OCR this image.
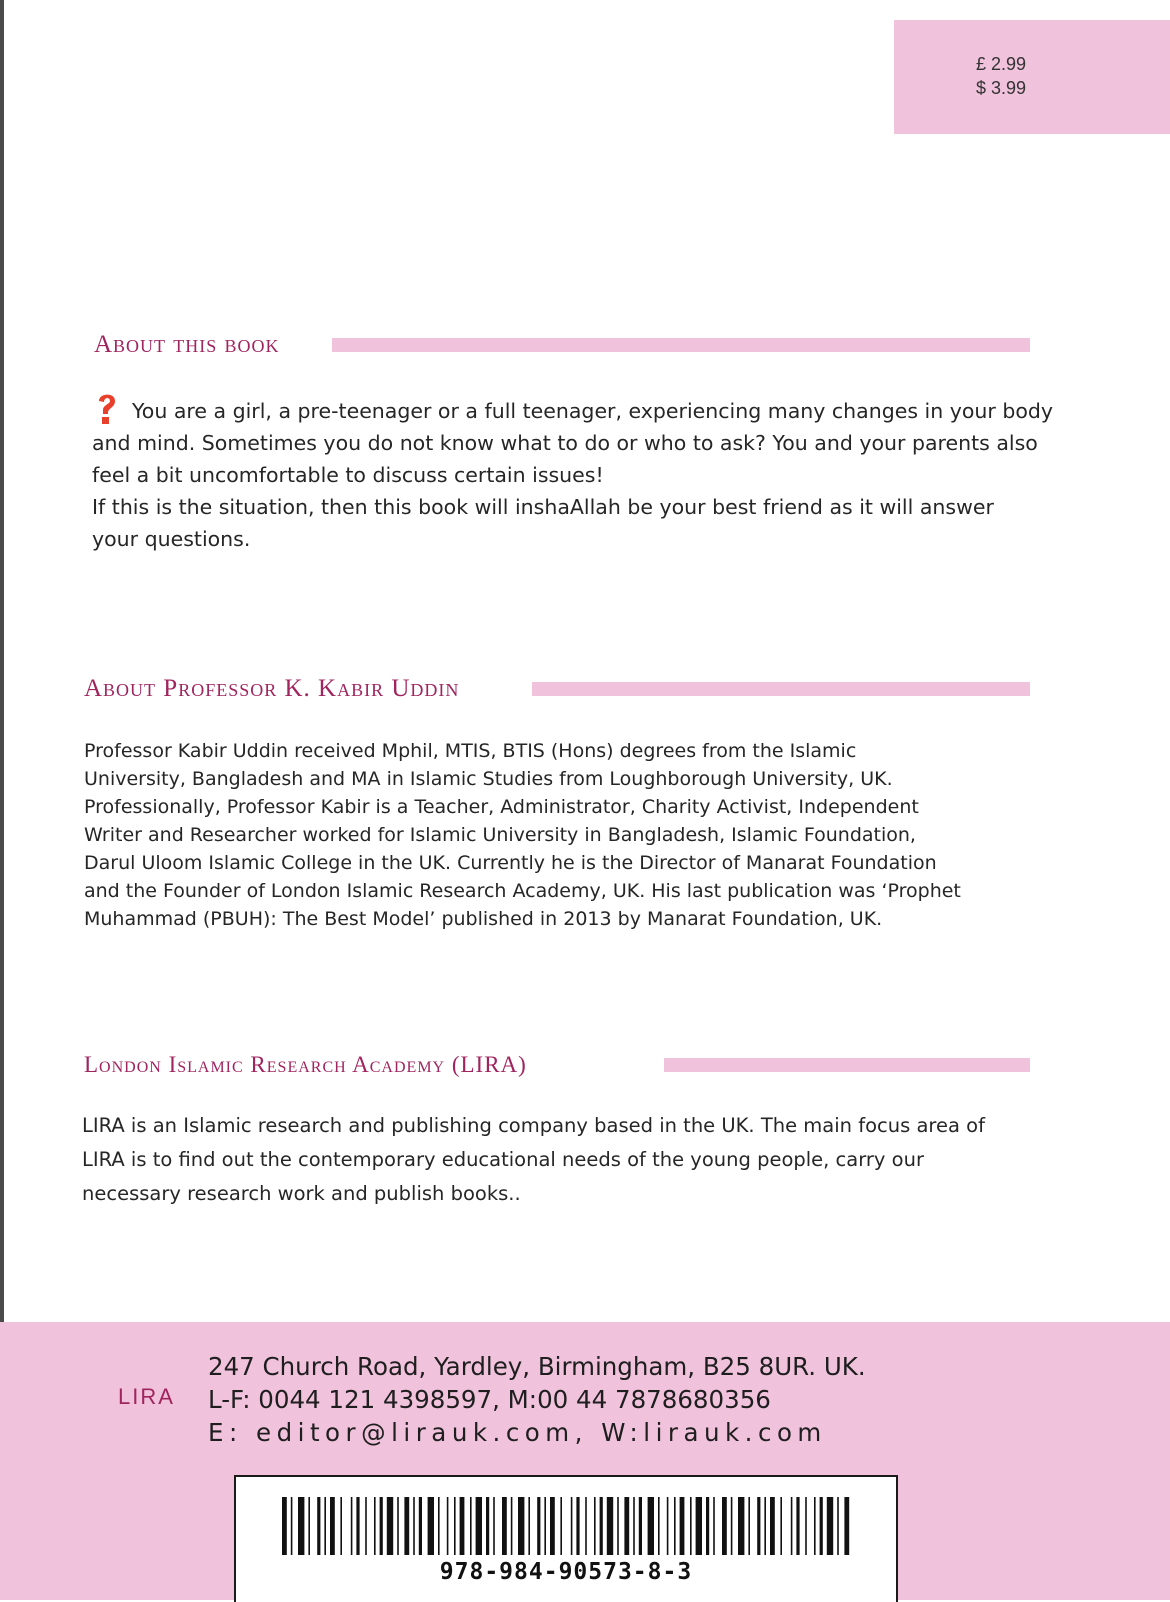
£ 2.99
$ 3.99
About this book
You are a girl, a pre-teenager or a full teenager, experiencing many changes in your body
and mind. Sometimes you do not know what to do or who to ask? You and your parents also
feel a bit uncomfortable to discuss certain issues!
If this is the situation, then this book will inshaAllah be your best friend as it will answer
your questions.
About Professor K. Kabir Uddin
Professor Kabir Uddin received Mphil, MTIS, BTIS (Hons) degrees from the Islamic
University, Bangladesh and MA in Islamic Studies from Loughborough University, UK.
Professionally, Professor Kabir is a Teacher, Administrator, Charity Activist, Independent
Writer and Researcher worked for Islamic University in Bangladesh, Islamic Foundation,
Darul Uloom Islamic College in the UK. Currently he is the Director of Manarat Foundation
and the Founder of London Islamic Research Academy, UK. His last publication was ‘Prophet
Muhammad (PBUH): The Best Model’ published in 2013 by Manarat Foundation, UK.
London Islamic Research Academy (LIRA)
LIRA is an Islamic research and publishing company based in the UK. The main focus area of
LIRA is to find out the contemporary educational needs of the young people, carry our
necessary research work and publish books..
LIRA
247 Church Road, Yardley, Birmingham, B25 8UR. UK.
L-F: 0044 121 4398597, M:00 44 7878680356
E: editor@lirauk.com, W:lirauk.com
978-984-90573-8-3
